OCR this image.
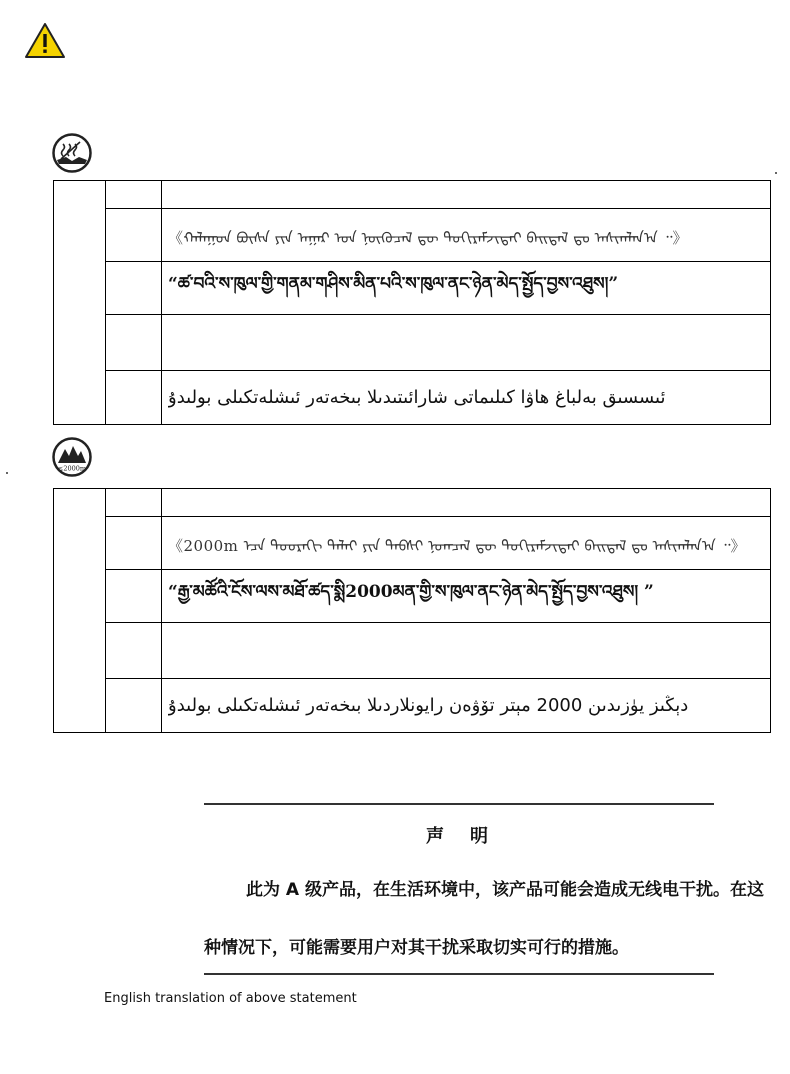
		《ᠬᠠᠯᠠᠭᠤᠨ ᠪᠦᠰᠡ ᠶᠢᠨ ᠠᠭᠠᠷ ᠤᠨ ᠨᠥᠬᠦᠴᠡᠯ ᠳᠦ ᠲᠣᠬᠢᠷᠠᠮᠵᠢᠲᠠᠢ ᠪᠠᠢᠳᠠᠯ ᠳᠤ ᠠᠰᠢᠭᠯᠠᠨ᠎ᠠ ᠃》

		“ཚ་བའི་ས་ཁུལ་གྱི་གནམ་གཤིས་མིན་པའི་ས་ཁུལ་ནང་ཉེན་མེད་སྤྱོད་བྱས་འཐུས།”

		ئىسسىق بەلباغ ھاۋا كىلىماتى شارائىتىدىلا بىخەتەر ئىشلەتكىلى بولىدۇ
≤2000m

		《2000m ᠡᠴᠡ ᠳᠣᠣᠷᠠᠬᠢ ᠳᠠᠯᠠᠢ ᠶᠢᠨ ᠲᠡᠪᠰᠢ ᠨᠣᠬᠴᠠᠯ ᠳᠦ ᠲᠣᠬᠢᠷᠠᠮᠵᠢᠲᠠᠢ ᠪᠠᠢᠳᠠᠯ ᠳᠤ ᠠᠰᠢᠭᠯᠠᠨ᠎ᠠ ᠃》

		“རྒྱ་མཚོའི་ངོས་ལས་མཐོ་ཚད་སྨི2000མན་གྱི་ས་ཁུལ་ནང་ཉེན་མེད་སྤྱོད་བྱས་འཐུས། ”

		دېڭىز يۈزىدىن 2000 مېتر تۆۋەن رايونلاردىلا بىخەتەر ئىشلەتكىلى بولىدۇ
声　明
此为 A 级产品，在生活环境中，该产品可能会造成无线电干扰。在这
种情况下，可能需要用户对其干扰采取切实可行的措施。
English translation of above statement
